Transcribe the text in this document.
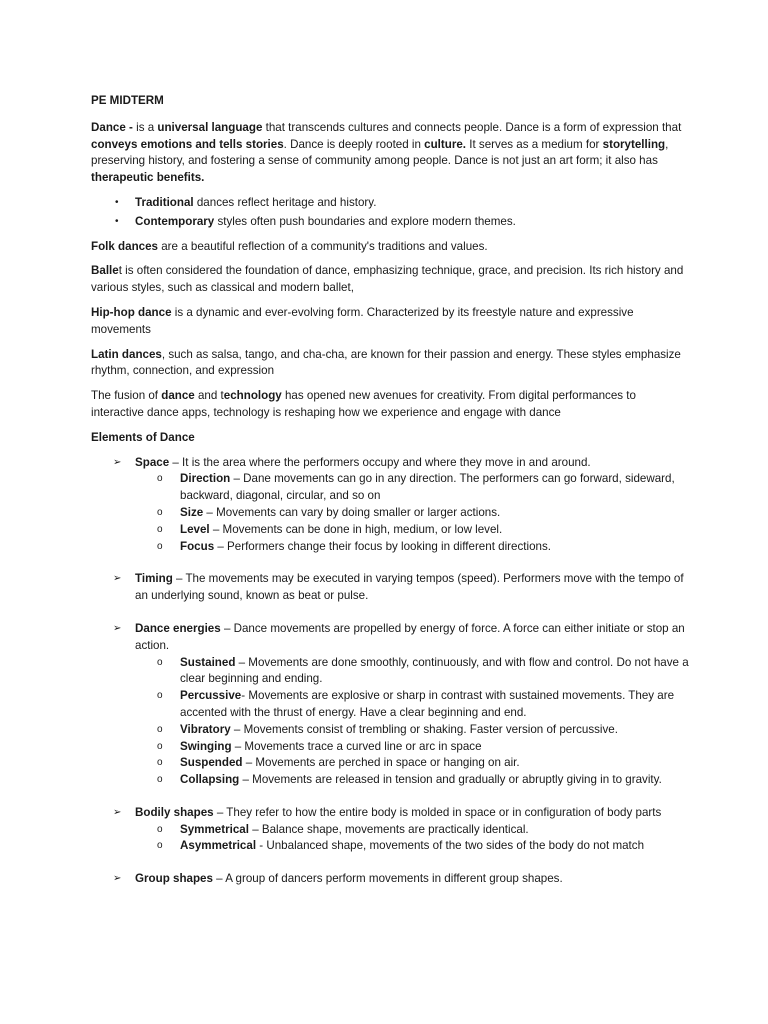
PE MIDTERM

Dance - is a universal language that transcends cultures and connects people. Dance is a form of expression that conveys emotions and tells stories. Dance is deeply rooted in culture. It serves as a medium for storytelling, preserving history, and fostering a sense of community among people. Dance is not just an art form; it also has therapeutic benefits.

• Traditional dances reflect heritage and history.
• Contemporary styles often push boundaries and explore modern themes.

Folk dances are a beautiful reflection of a community's traditions and values.

Ballet is often considered the foundation of dance, emphasizing technique, grace, and precision. Its rich history and various styles, such as classical and modern ballet,

Hip-hop dance is a dynamic and ever-evolving form. Characterized by its freestyle nature and expressive movements

Latin dances, such as salsa, tango, and cha-cha, are known for their passion and energy. These styles emphasize rhythm, connection, and expression

The fusion of dance and technology has opened new avenues for creativity. From digital performances to interactive dance apps, technology is reshaping how we experience and engage with dance

Elements of Dance

➢ Space – It is the area where the performers occupy and where they move in and around.
o Direction – Dane movements can go in any direction. The performers can go forward, sideward, backward, diagonal, circular, and so on
o Size – Movements can vary by doing smaller or larger actions.
o Level – Movements can be done in high, medium, or low level.
o Focus – Performers change their focus by looking in different directions.
➢ Timing – The movements may be executed in varying tempos (speed). Performers move with the tempo of an underlying sound, known as beat or pulse.
➢ Dance energies – Dance movements are propelled by energy of force. A force can either initiate or stop an action.
o Sustained – Movements are done smoothly, continuously, and with flow and control. Do not have a clear beginning and ending.
o Percussive- Movements are explosive or sharp in contrast with sustained movements. They are accented with the thrust of energy. Have a clear beginning and end.
o Vibratory – Movements consist of trembling or shaking. Faster version of percussive.
o Swinging – Movements trace a curved line or arc in space
o Suspended – Movements are perched in space or hanging on air.
o Collapsing – Movements are released in tension and gradually or abruptly giving in to gravity.
➢ Bodily shapes – They refer to how the entire body is molded in space or in configuration of body parts
o Symmetrical – Balance shape, movements are practically identical.
o Asymmetrical - Unbalanced shape, movements of the two sides of the body do not match
➢ Group shapes – A group of dancers perform movements in different group shapes.
